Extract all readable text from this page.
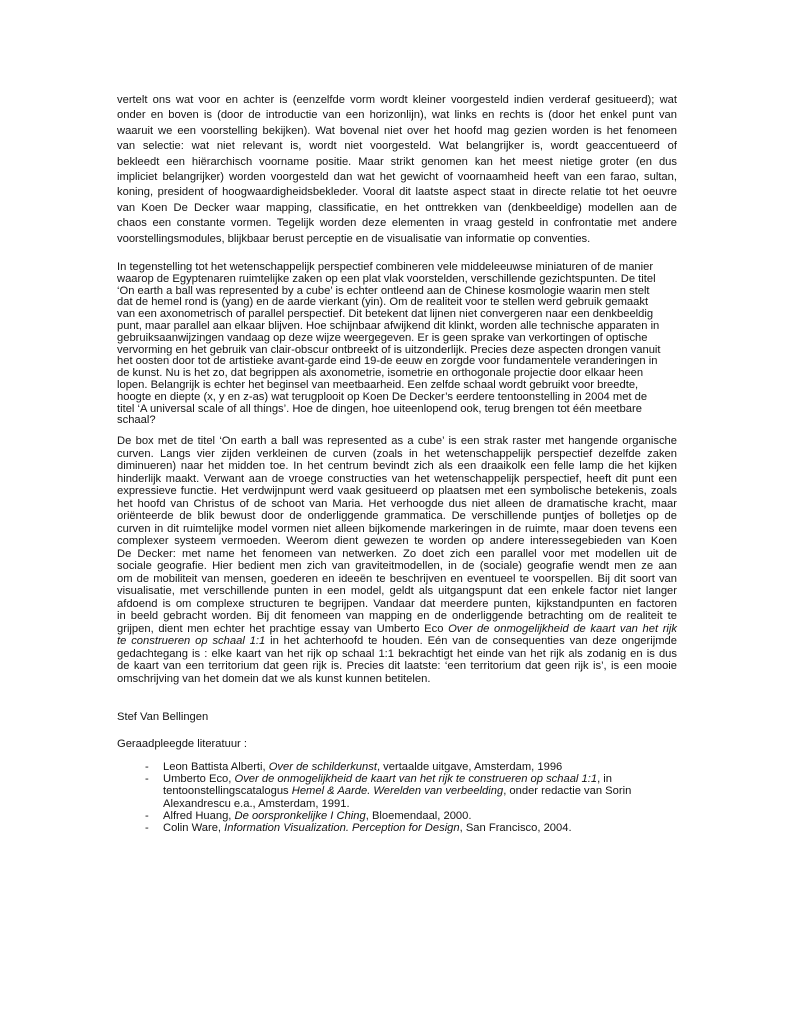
vertelt ons wat voor en achter is (eenzelfde vorm wordt kleiner voorgesteld indien verderaf gesitueerd); wat
onder en boven is (door de introductie van een horizonlijn), wat links en rechts is (door het enkel punt van
waaruit we een voorstelling bekijken). Wat bovenal niet over het hoofd mag gezien worden is het fenomeen
van selectie: wat niet relevant is, wordt niet voorgesteld. Wat belangrijker is, wordt geaccentueerd of
bekleedt een hiërarchisch voorname positie. Maar strikt genomen kan het meest nietige groter (en dus
impliciet belangrijker) worden voorgesteld dan wat het gewicht of voornaamheid heeft van een farao, sultan,
koning, president of hoogwaardigheidsbekleder. Vooral dit laatste aspect staat in directe relatie tot het oeuvre
van Koen De Decker waar mapping, classificatie, en het onttrekken van (denkbeeldige) modellen aan de
chaos een constante vormen. Tegelijk worden deze elementen in vraag gesteld in confrontatie met andere
voorstellingsmodules, blijkbaar berust perceptie en de visualisatie van informatie op conventies.
In tegenstelling tot het wetenschappelijk perspectief combineren vele middeleeuwse miniaturen of de manier
waarop de Egyptenaren ruimtelijke zaken op een plat vlak voorstelden, verschillende gezichtspunten. De titel
‘On earth a ball was represented by a cube’ is echter ontleend aan de Chinese kosmologie waarin men stelt
dat de hemel rond is (yang) en de aarde vierkant (yin). Om de realiteit voor te stellen werd gebruik gemaakt
van een axonometrisch of parallel perspectief. Dit betekent dat lijnen niet convergeren naar een denkbeeldig
punt, maar parallel aan elkaar blijven. Hoe schijnbaar afwijkend dit klinkt, worden alle technische apparaten in
gebruiksaanwijzingen vandaag op deze wijze weergegeven. Er is geen sprake van verkortingen of optische
vervorming en het gebruik van clair-obscur ontbreekt of is uitzonderlijk. Precies deze aspecten drongen vanuit
het oosten door tot de artistieke avant-garde eind 19-de eeuw en zorgde voor fundamentele veranderingen in
de kunst. Nu is het zo, dat begrippen als axonometrie, isometrie en orthogonale projectie door elkaar heen
lopen. Belangrijk is echter het beginsel van meetbaarheid. Een zelfde schaal wordt gebruikt voor breedte,
hoogte en diepte (x, y en z-as) wat terugplooit op Koen De Decker’s eerdere tentoonstelling in 2004 met de
titel ‘A universal scale of all things’. Hoe de dingen, hoe uiteenlopend ook, terug brengen tot één meetbare
schaal?
De box met de titel ‘On earth a ball was represented as a cube’ is een strak raster met hangende organische
curven. Langs vier zijden verkleinen de curven (zoals in het wetenschappelijk perspectief dezelfde zaken
diminueren) naar het midden toe. In het centrum bevindt zich als een draaikolk een felle lamp die het kijken
hinderlijk maakt. Verwant aan de vroege constructies van het wetenschappelijk perspectief, heeft dit punt een
expressieve functie. Het verdwijnpunt werd vaak gesitueerd op plaatsen met een symbolische betekenis, zoals
het hoofd van Christus of de schoot van Maria. Het verhoogde dus niet alleen de dramatische kracht, maar
oriënteerde de blik bewust door de onderliggende grammatica. De verschillende puntjes of bolletjes op de
curven in dit ruimtelijke model vormen niet alleen bijkomende markeringen in de ruimte, maar doen tevens een
complexer systeem vermoeden. Weerom dient gewezen te worden op andere interessegebieden van Koen
De Decker: met name het fenomeen van netwerken. Zo doet zich een parallel voor met modellen uit de
sociale geografie. Hier bedient men zich van graviteitmodellen, in de (sociale) geografie wendt men ze aan
om de mobiliteit van mensen, goederen en ideeën te beschrijven en eventueel te voorspellen. Bij dit soort van
visualisatie, met verschillende punten in een model, geldt als uitgangspunt dat een enkele factor niet langer
afdoend is om complexe structuren te begrijpen. Vandaar dat meerdere punten, kijkstandpunten en factoren
in beeld gebracht worden. Bij dit fenomeen van mapping en de onderliggende betrachting om de realiteit te
grijpen, dient men echter het prachtige essay van Umberto Eco Over de onmogelijkheid de kaart van het rijk
te construeren op schaal 1:1 in het achterhoofd te houden. Eén van de consequenties van deze ongerijmde
gedachtegang is : elke kaart van het rijk op schaal 1:1 bekrachtigt het einde van het rijk als zodanig en is dus
de kaart van een territorium dat geen rijk is. Precies dit laatste: ‘een territorium dat geen rijk is’, is een mooie
omschrijving van het domein dat we als kunst kunnen betitelen.
Stef Van Bellingen
Geraadpleegde literatuur :
- Leon Battista Alberti, Over de schilderkunst, vertaalde uitgave, Amsterdam, 1996
- Umberto Eco, Over de onmogelijkheid de kaart van het rijk te construeren op schaal 1:1, in
tentoonstellingscatalogus Hemel & Aarde. Werelden van verbeelding, onder redactie van Sorin
Alexandrescu e.a., Amsterdam, 1991.
- Alfred Huang, De oorspronkelijke I Ching, Bloemendaal, 2000.
- Colin Ware, Information Visualization. Perception for Design, San Francisco, 2004.
